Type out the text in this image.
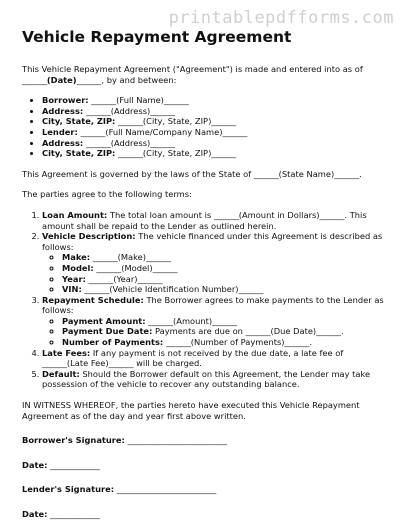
printablepdfforms.com
Vehicle Repayment Agreement

This Vehicle Repayment Agreement ("Agreement") is made and entered into as of
______(Date)______, by and between:

• Borrower: ______(Full Name)______
• Address: ______(Address)______
• City, State, ZIP: ______(City, State, ZIP)______
• Lender: ______(Full Name/Company Name)______
• Address: ______(Address)______
• City, State, ZIP: ______(City, State, ZIP)______

This Agreement is governed by the laws of the State of ______(State Name)______.

The parties agree to the following terms:

1. Loan Amount: The total loan amount is ______(Amount in Dollars)______. This amount shall be repaid to the Lender as outlined herein.
2. Vehicle Description: The vehicle financed under this Agreement is described as follows:
◦ Make: ______(Make)______
◦ Model: ______(Model)______
◦ Year: ______(Year)______
◦ VIN: ______(Vehicle Identification Number)______
3. Repayment Schedule: The Borrower agrees to make payments to the Lender as follows:
◦ Payment Amount: ______(Amount)______
◦ Payment Due Date: Payments are due on ______(Due Date)______.
◦ Number of Payments: ______(Number of Payments)______.
4. Late Fees: If any payment is not received by the due date, a late fee of ______(Late Fee)______ will be charged.
5. Default: Should the Borrower default on this Agreement, the Lender may take possession of the vehicle to recover any outstanding balance.

IN WITNESS WHEREOF, the parties hereto have executed this Vehicle Repayment Agreement as of the day and year first above written.

Borrower's Signature: ________________________
Date: ____________
Lender's Signature: ________________________
Date: ____________
